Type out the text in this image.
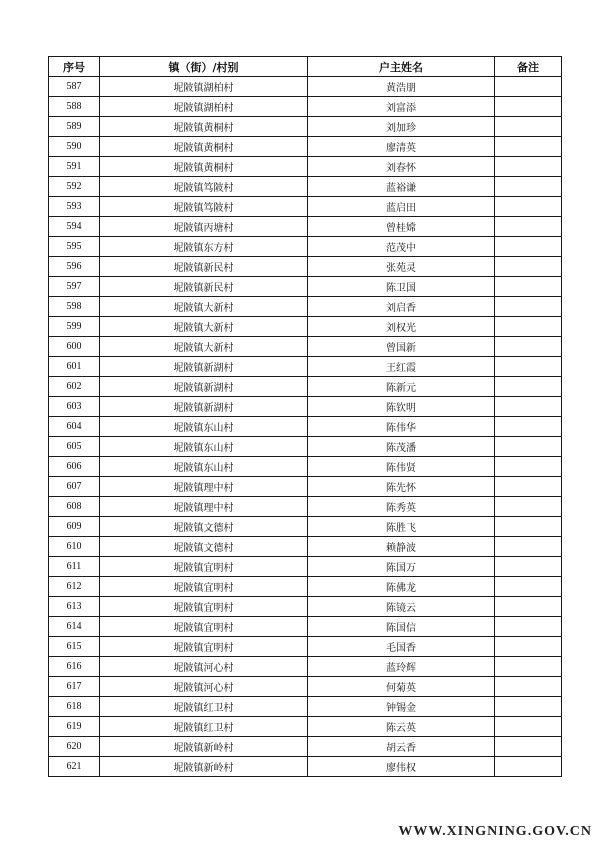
序号	镇（街）/村别	户主姓名	备注
587	坭陂镇湖柏村	黄浩朋	
588	坭陂镇湖柏村	刘富添	
589	坭陂镇黄桐村	刘加珍	
590	坭陂镇黄桐村	廖清英	
591	坭陂镇黄桐村	刘春怀	
592	坭陂镇笃陂村	蓝裕谦	
593	坭陂镇笃陂村	蓝启田	
594	坭陂镇丙塘村	曾桂嫦	
595	坭陂镇东方村	范茂中	
596	坭陂镇新民村	张苑灵	
597	坭陂镇新民村	陈卫国	
598	坭陂镇大新村	刘启香	
599	坭陂镇大新村	刘权光	
600	坭陂镇大新村	曾国新	
601	坭陂镇新湖村	王红霞	
602	坭陂镇新湖村	陈新元	
603	坭陂镇新湖村	陈钦明	
604	坭陂镇东山村	陈伟华	
605	坭陂镇东山村	陈茂潘	
606	坭陂镇东山村	陈伟贤	
607	坭陂镇理中村	陈先怀	
608	坭陂镇理中村	陈秀英	
609	坭陂镇文德村	陈胜飞	
610	坭陂镇文德村	赖静波	
611	坭陂镇宜明村	陈国万	
612	坭陂镇宜明村	陈佛龙	
613	坭陂镇宜明村	陈镜云	
614	坭陂镇宜明村	陈国信	
615	坭陂镇宜明村	毛国香	
616	坭陂镇河心村	蓝玲辉	
617	坭陂镇河心村	何菊英	
618	坭陂镇红卫村	钟锡金	
619	坭陂镇红卫村	陈云英	
620	坭陂镇新岭村	胡云香	
621	坭陂镇新岭村	廖伟权	
WWW.XINGNING.GOV.CN
